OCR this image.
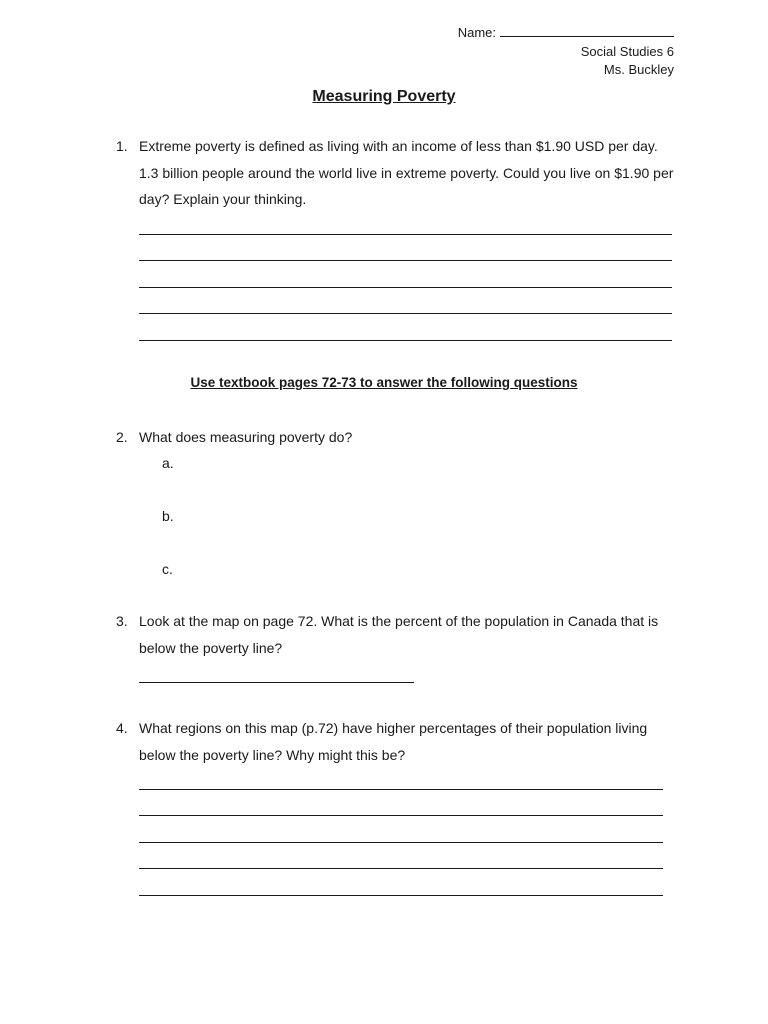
Name:
Social Studies 6
Ms. Buckley
Measuring Poverty
1. Extreme poverty is defined as living with an income of less than $1.90 USD per day. 1.3 billion people around the world live in extreme poverty. Could you live on $1.90 per day? Explain your thinking.
Use textbook pages 72-73 to answer the following questions
2. What does measuring poverty do?
a.
b.
c.
3. Look at the map on page 72. What is the percent of the population in Canada that is below the poverty line?
4. What regions on this map (p.72) have higher percentages of their population living below the poverty line? Why might this be?
